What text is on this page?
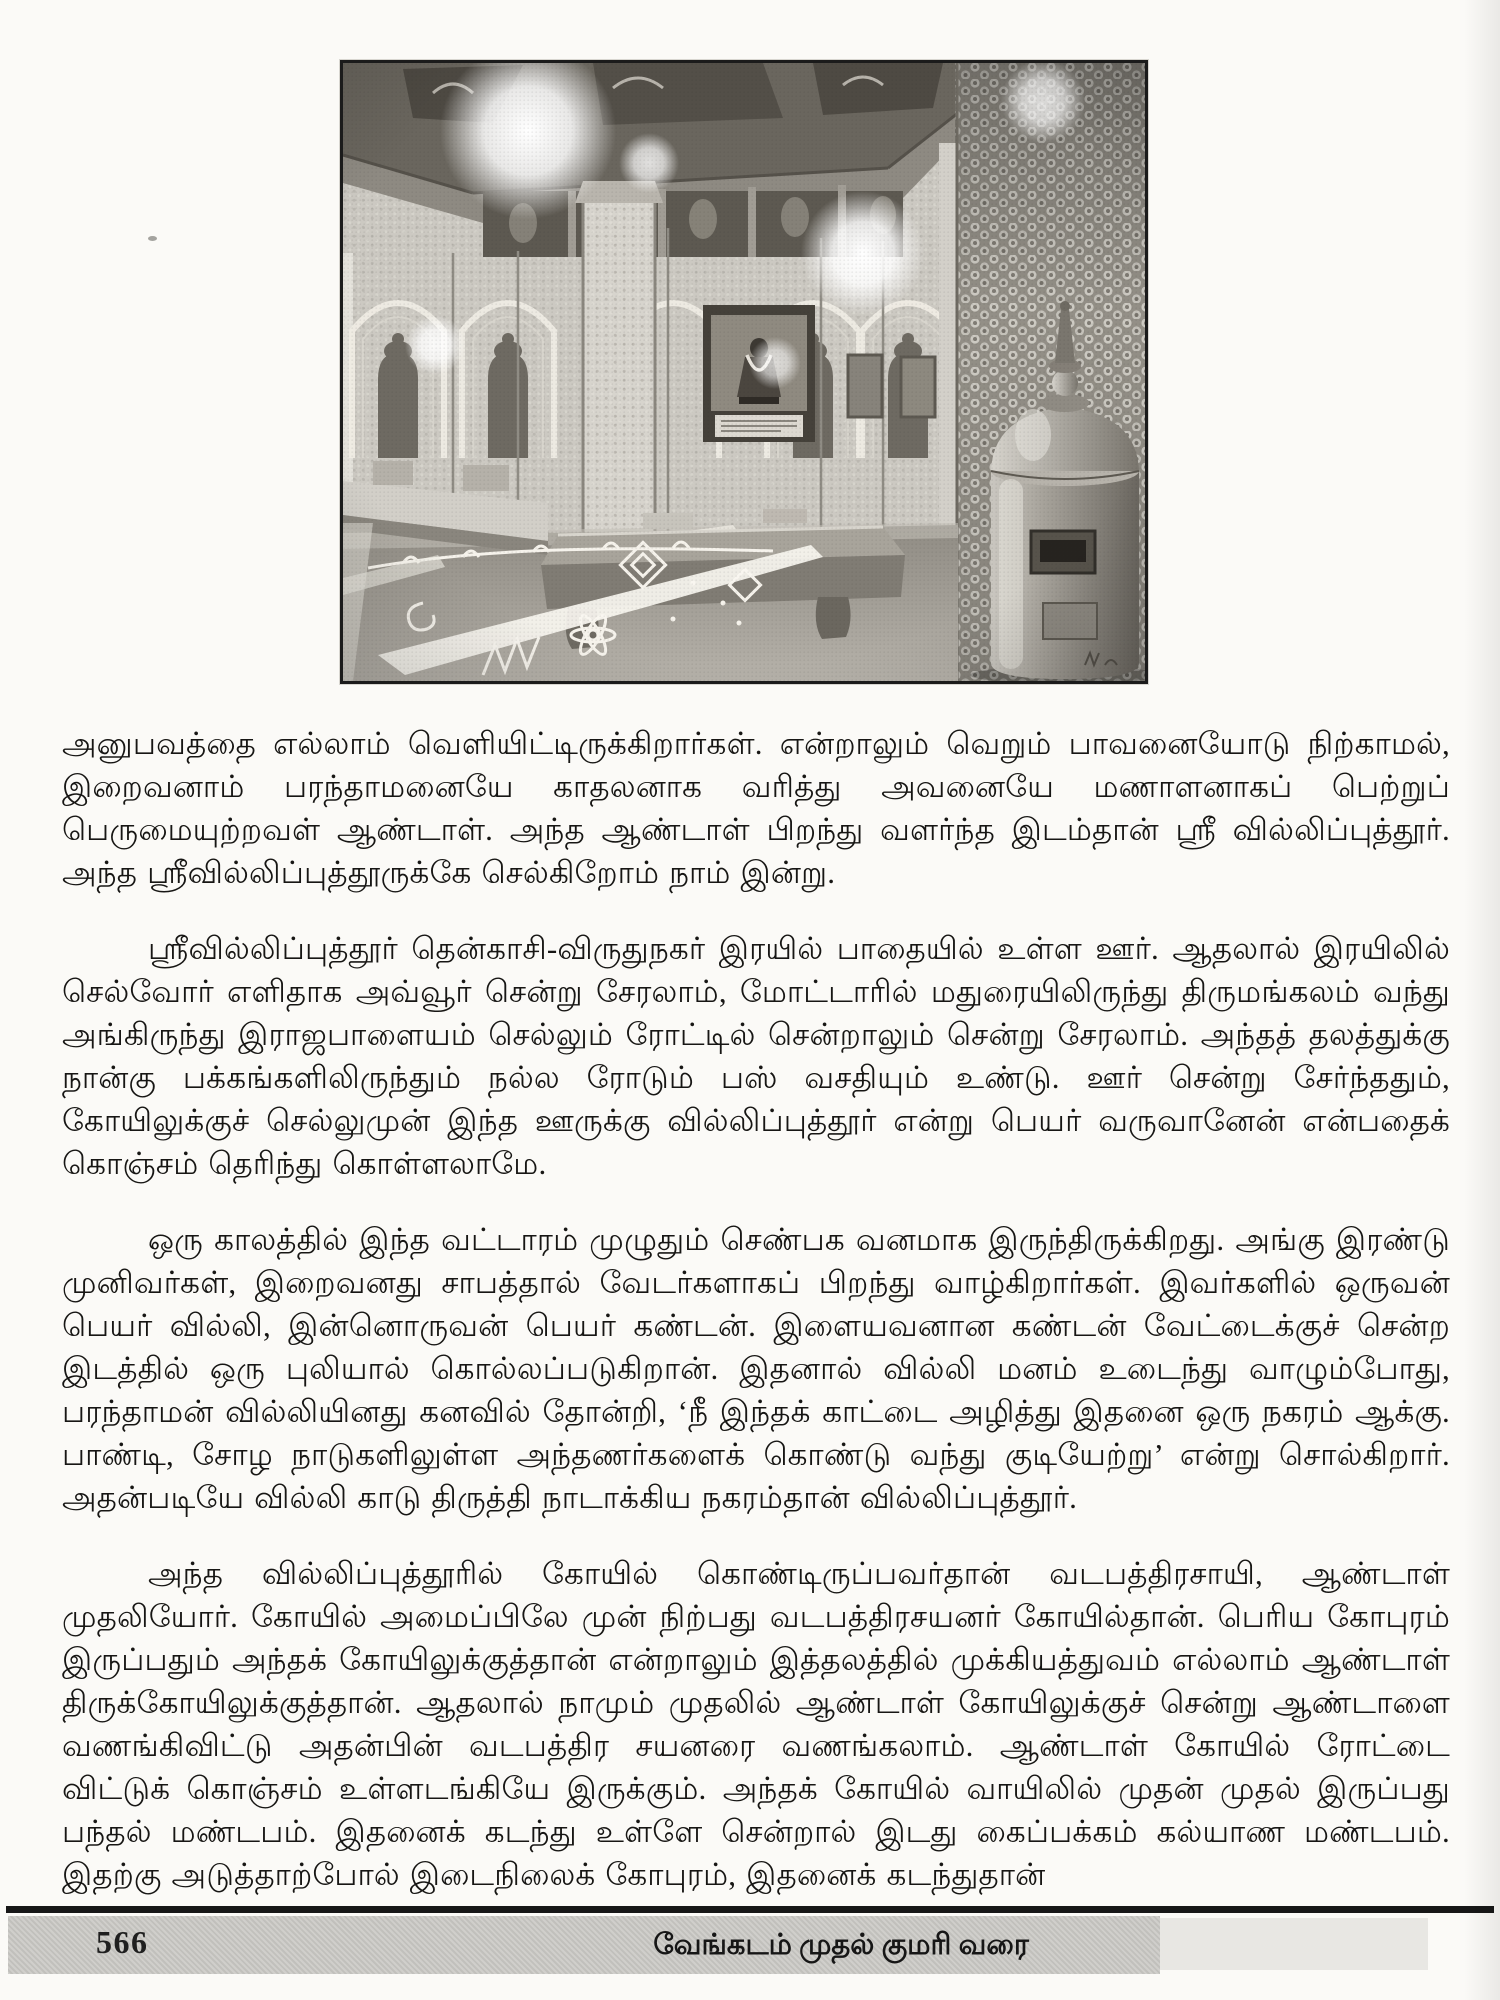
அனுபவத்தை எல்லாம் வெளியிட்டிருக்கிறார்கள். என்றாலும் வெறும் பாவனையோடு நிற்காமல், இறைவனாம் பரந்தாமனையே காதலனாக வரித்து அவனையே மணாளனாகப் பெற்றுப் பெருமையுற்றவள் ஆண்டாள். அந்த ஆண்டாள் பிறந்து வளர்ந்த இடம்தான் ஸ்ரீ வில்லிப்புத்தூர். அந்த ஸ்ரீவில்லிப்புத்தூருக்கே செல்கிறோம் நாம் இன்று.

ஸ்ரீவில்லிப்புத்தூர் தென்காசி-விருதுநகர் இரயில் பாதையில் உள்ள ஊர். ஆதலால் இரயிலில் செல்வோர் எளிதாக அவ்வூர் சென்று சேரலாம், மோட்டாரில் மதுரையிலிருந்து திருமங்கலம் வந்து அங்கிருந்து இராஜபாளையம் செல்லும் ரோட்டில் சென்றாலும் சென்று சேரலாம். அந்தத் தலத்துக்கு நான்கு பக்கங்களிலிருந்தும் நல்ல ரோடும் பஸ் வசதியும் உண்டு. ஊர் சென்று சேர்ந்ததும், கோயிலுக்குச் செல்லுமுன் இந்த ஊருக்கு வில்லிப்புத்தூர் என்று பெயர் வருவானேன் என்பதைக் கொஞ்சம் தெரிந்து கொள்ளலாமே.

ஒரு காலத்தில் இந்த வட்டாரம் முழுதும் செண்பக வனமாக இருந்திருக்கிறது. அங்கு இரண்டு முனிவர்கள், இறைவனது சாபத்தால் வேடர்களாகப் பிறந்து வாழ்கிறார்கள். இவர்களில் ஒருவன் பெயர் வில்லி, இன்னொருவன் பெயர் கண்டன். இளையவனான கண்டன் வேட்டைக்குச் சென்ற இடத்தில் ஒரு புலியால் கொல்லப்படுகிறான். இதனால் வில்லி மனம் உடைந்து வாழும்போது, பரந்தாமன் வில்லியினது கனவில் தோன்றி, ‘நீ இந்தக் காட்டை அழித்து இதனை ஒரு நகரம் ஆக்கு. பாண்டி, சோழ நாடுகளிலுள்ள அந்தணர்களைக் கொண்டு வந்து குடியேற்று’ என்று சொல்கிறார். அதன்படியே வில்லி காடு திருத்தி நாடாக்கிய நகரம்தான் வில்லிப்புத்தூர்.

அந்த வில்லிப்புத்தூரில் கோயில் கொண்டிருப்பவர்தான் வடபத்திரசாயி, ஆண்டாள் முதலியோர். கோயில் அமைப்பிலே முன் நிற்பது வடபத்திரசயனர் கோயில்தான். பெரிய கோபுரம் இருப்பதும் அந்தக் கோயிலுக்குத்தான் என்றாலும் இத்தலத்தில் முக்கியத்துவம் எல்லாம் ஆண்டாள் திருக்கோயிலுக்குத்தான். ஆதலால் நாமும் முதலில் ஆண்டாள் கோயிலுக்குச் சென்று ஆண்டாளை வணங்கிவிட்டு அதன்பின் வடபத்திர சயனரை வணங்கலாம். ஆண்டாள் கோயில் ரோட்டை விட்டுக் கொஞ்சம் உள்ளடங்கியே இருக்கும். அந்தக் கோயில் வாயிலில் முதன் முதல் இருப்பது பந்தல் மண்டபம். இதனைக் கடந்து உள்ளே சென்றால் இடது கைப்பக்கம் கல்யாண மண்டபம். இதற்கு அடுத்தாற்போல் இடைநிலைக் கோபுரம், இதனைக் கடந்துதான்

566	வேங்கடம் முதல் குமரி வரை
